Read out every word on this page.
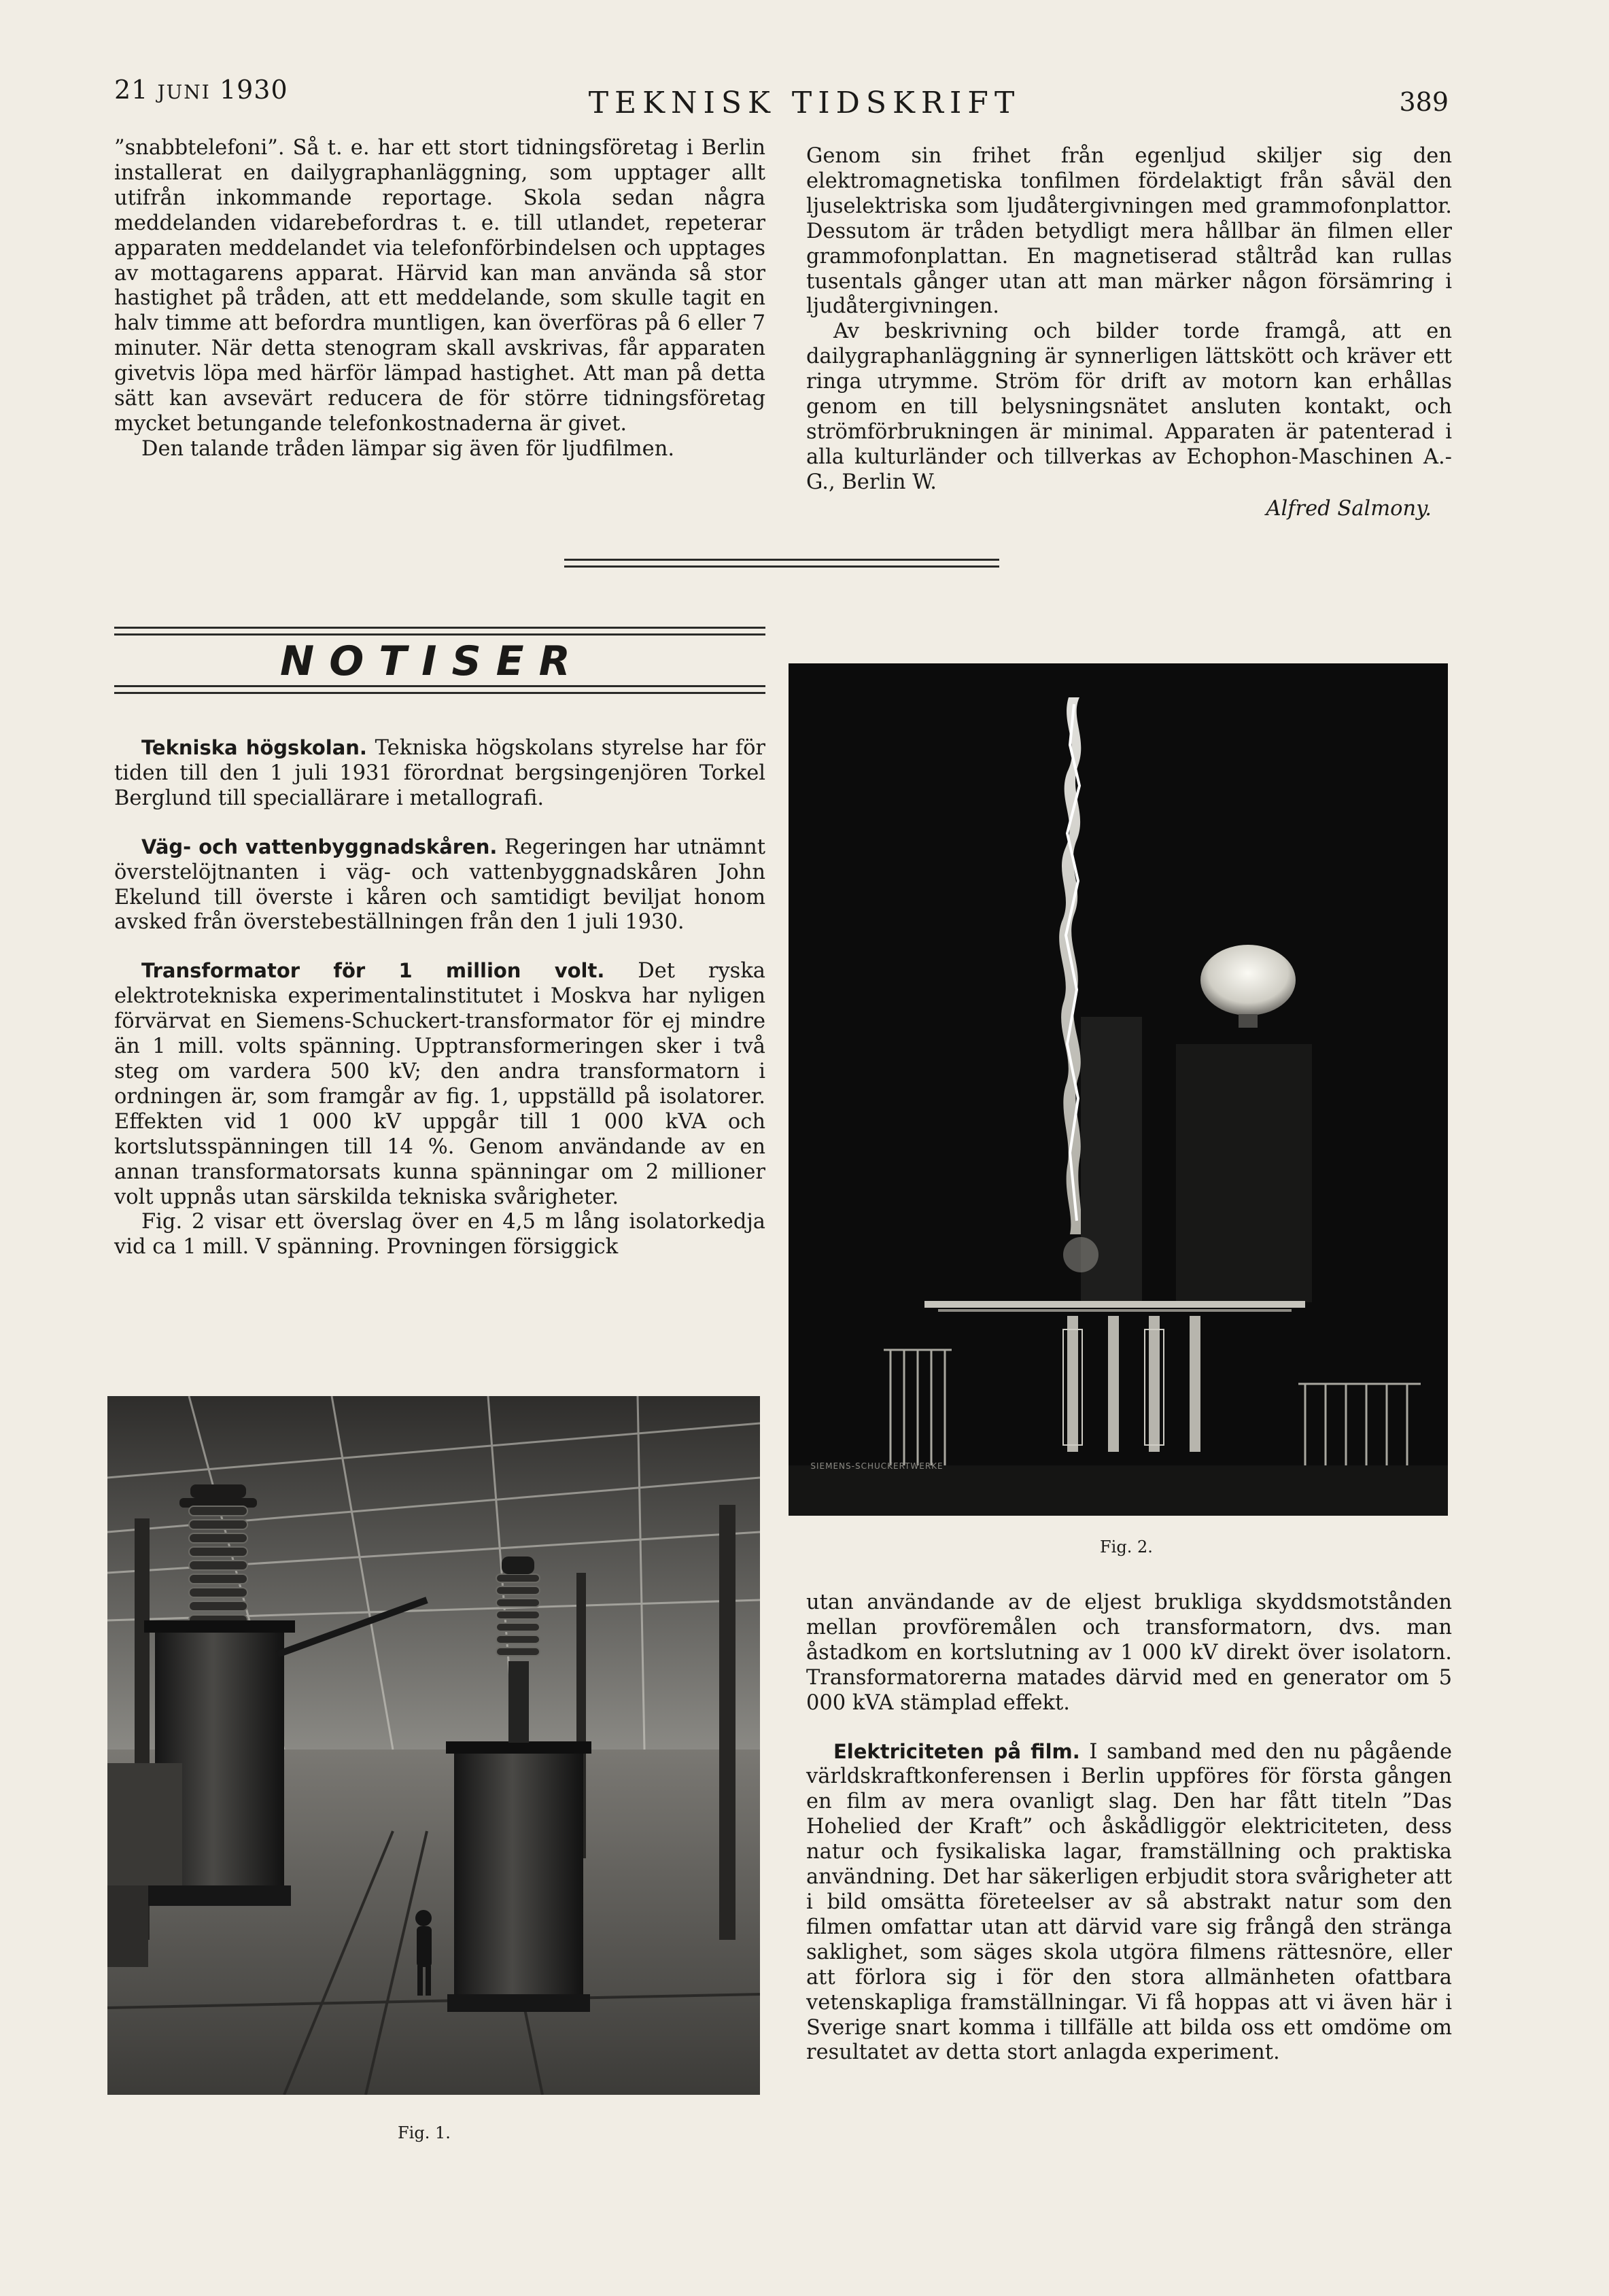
21 JUNI 1930	TEKNISK TIDSKRIFT	389

”snabbtelefoni”. Så t. e. har ett stort tidningsföretag i Berlin installerat en dailygraphanläggning, som upptager allt utifrån inkommande reportage. Skola sedan några meddelanden vidarebefordras t. e. till utlandet, repeterar apparaten meddelandet via telefonförbindelsen och upptages av mottagarens apparat. Härvid kan man använda så stor hastighet på tråden, att ett meddelande, som skulle tagit en halv timme att befordra muntligen, kan överföras på 6 eller 7 minuter. När detta stenogram skall avskrivas, får apparaten givetvis löpa med härför lämpad hastighet. Att man på detta sätt kan avsevärt reducera de för större tidningsföretag mycket betungande telefonkostnaderna är givet.

Den talande tråden lämpar sig även för ljudfilmen.

Genom sin frihet från egenljud skiljer sig den elektromagnetiska tonfilmen fördelaktigt från såväl den ljuselektriska som ljudåtergivningen med grammofonplattor. Dessutom är tråden betydligt mera hållbar än filmen eller grammofonplattan. En magnetiserad ståltråd kan rullas tusentals gånger utan att man märker någon försämring i ljudåtergivningen.

Av beskrivning och bilder torde framgå, att en dailygraphanläggning är synnerligen lättskött och kräver ett ringa utrymme. Ström för drift av motorn kan erhållas genom en till belysningsnätet ansluten kontakt, och strömförbrukningen är minimal. Apparaten är patenterad i alla kulturländer och tillverkas av Echophon-Maschinen A.-G., Berlin W.

Alfred Salmony.

NOTISER

Tekniska högskolan. Tekniska högskolans styrelse har för tiden till den 1 juli 1931 förordnat bergsingenjören Torkel Berglund till speciallärare i metallografi.

Väg- och vattenbyggnadskåren. Regeringen har utnämnt överstelöjtnanten i väg- och vattenbyggnadskåren John Ekelund till överste i kåren och samtidigt beviljat honom avsked från överstebeställningen från den 1 juli 1930.

Transformator för 1 million volt. Det ryska elektrotekniska experimentalinstitutet i Moskva har nyligen förvärvat en Siemens-Schuckert-transformator för ej mindre än 1 mill. volts spänning. Upptransformeringen sker i två steg om vardera 500 kV; den andra transformatorn i ordningen är, som framgår av fig. 1, uppställd på isolatorer. Effekten vid 1 000 kV uppgår till 1 000 kVA och kortslutsspänningen till 14 %. Genom användande av en annan transformatorsats kunna spänningar om 2 millioner volt uppnås utan särskilda tekniska svårigheter.

Fig. 2 visar ett överslag över en 4,5 m lång isolatorkedja vid ca 1 mill. V spänning. Provningen försiggick

Fig. 1.
SIEMENS-SCHUCKERTWERKE
Fig. 2.

utan användande av de eljest brukliga skyddsmotstånden mellan provföremålen och transformatorn, dvs. man åstadkom en kortslutning av 1 000 kV direkt över isolatorn. Transformatorerna matades därvid med en generator om 5 000 kVA stämplad effekt.

Elektriciteten på film. I samband med den nu pågående världskraftkonferensen i Berlin uppföres för första gången en film av mera ovanligt slag. Den har fått titeln ”Das Hohelied der Kraft” och åskådliggör elektriciteten, dess natur och fysikaliska lagar, framställning och praktiska användning. Det har säkerligen erbjudit stora svårigheter att i bild omsätta företeelser av så abstrakt natur som den filmen omfattar utan att därvid vare sig frångå den stränga saklighet, som säges skola utgöra filmens rättesnöre, eller att förlora sig i för den stora allmänheten ofattbara vetenskapliga framställningar. Vi få hoppas att vi även här i Sverige snart komma i tillfälle att bilda oss ett omdöme om resultatet av detta stort anlagda experiment.
